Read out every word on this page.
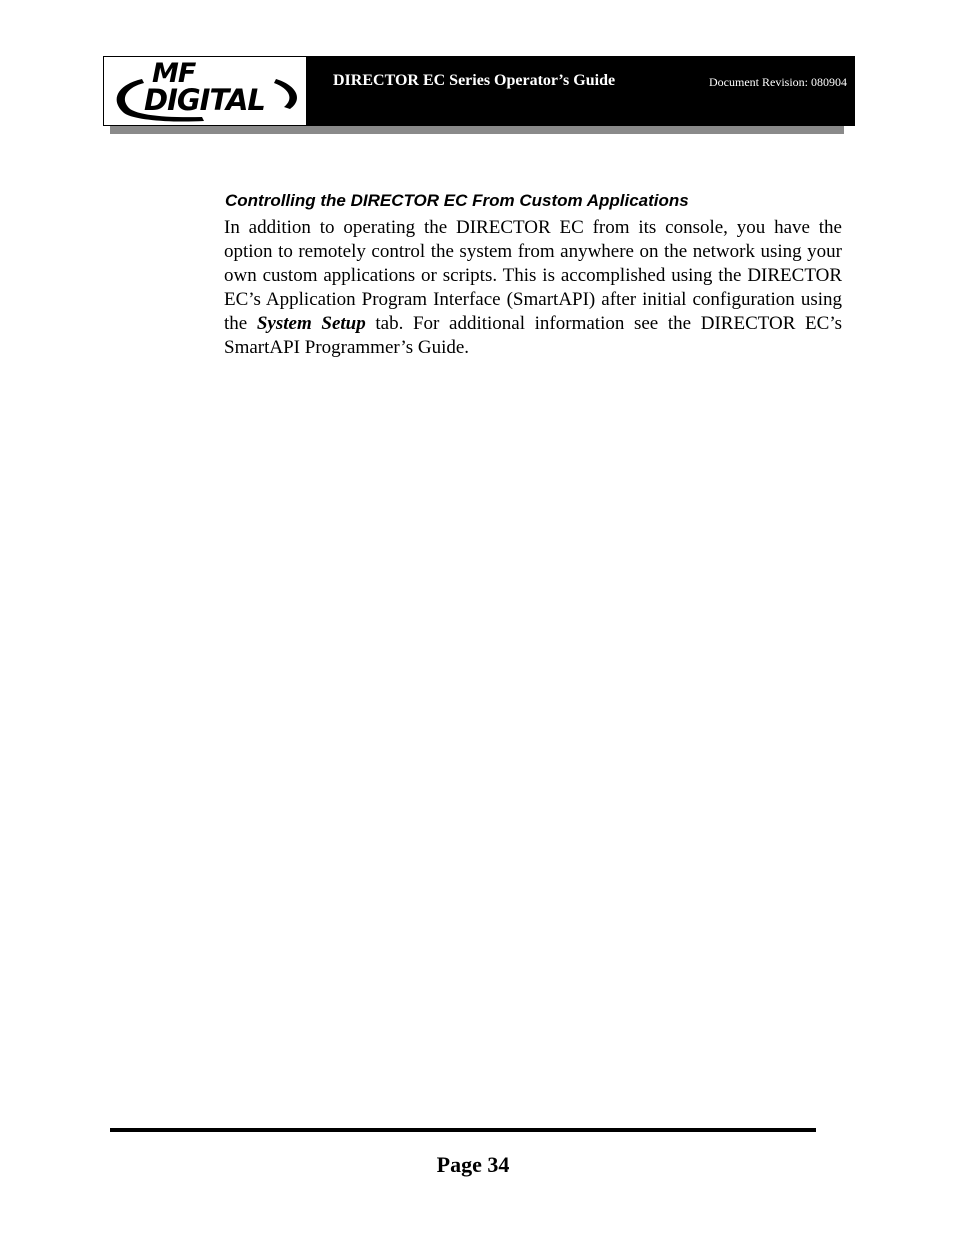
MF
DIGITAL
DIRECTOR EC Series Operator’s Guide	Document Revision: 080904
Controlling the DIRECTOR EC From Custom Applications

In addition to operating the DIRECTOR EC from its console, you have the option to remotely control the system from anywhere on the network using your own custom applications or scripts. This is accomplished using the DIRECTOR EC’s Application Program Interface (SmartAPI) after initial configuration using the System Setup tab. For additional information see the DIRECTOR EC’s SmartAPI Programmer’s Guide.

Page 34
